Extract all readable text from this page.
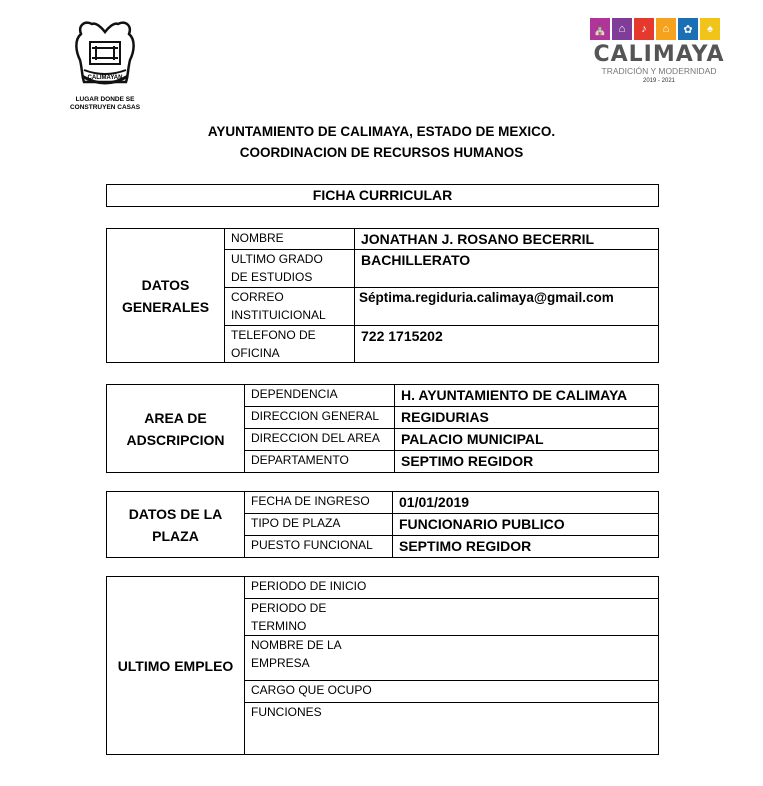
CALIMAYAN
LUGAR DONDE SE
CONSTRUYEN CASAS
⛪	⌂	♪	⌂	✿	♠
CALIMAYA
TRADICIÓN Y MODERNIDAD
2019 - 2021
AYUNTAMIENTO DE CALIMAYA, ESTADO DE MEXICO.
COORDINACION DE RECURSOS HUMANOS
FICHA CURRICULAR
DATOS
GENERALES	NOMBRE	JONATHAN J. ROSANO BECERRIL

	ULTIMO GRADO
DE ESTUDIOS	BACHILLERATO

	CORREO
INSTITUICIONAL	Séptima.regiduria.calimaya@gmail.com

	TELEFONO DE
OFICINA	722 1715202
AREA DE
ADSCRIPCION	DEPENDENCIA	H. AYUNTAMIENTO DE CALIMAYA
	DIRECCION GENERAL	REGIDURIAS
	DIRECCION DEL AREA	PALACIO MUNICIPAL
	DEPARTAMENTO	SEPTIMO REGIDOR
DATOS DE LA
PLAZA	FECHA DE INGRESO	01/01/2019
	TIPO DE PLAZA	FUNCIONARIO PUBLICO
	PUESTO FUNCIONAL	SEPTIMO REGIDOR
ULTIMO EMPLEO	PERIODO DE INICIO

PERIODO DE
TERMINO

NOMBRE DE LA
EMPRESA

CARGO QUE OCUPO
FUNCIONES
